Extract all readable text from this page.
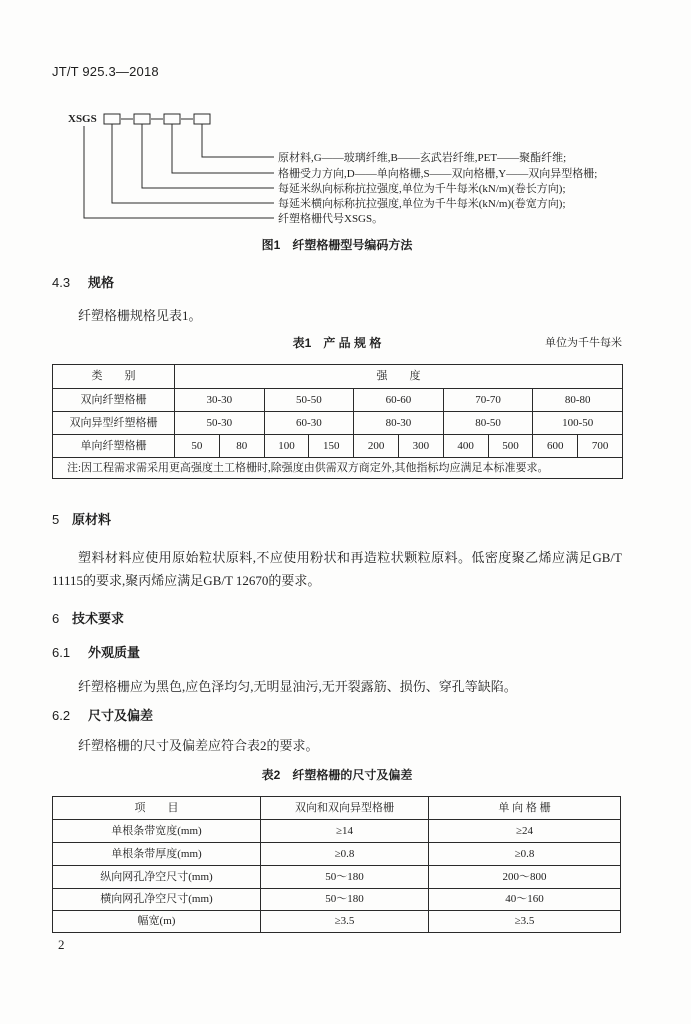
JT/T 925.3—2018
XSGS
原材料,G——玻璃纤维,B——玄武岩纤维,PET——聚酯纤维;
格栅受力方向,D——单向格栅,S——双向格栅,Y——双向异型格栅;
每延米纵向标称抗拉强度,单位为千牛每米(kN/m)(卷长方向);
每延米横向标称抗拉强度,单位为千牛每米(kN/m)(卷宽方向);
纤塑格栅代号XSGS。
图1　纤塑格栅型号编码方法
4.3 规格
纤塑格栅规格见表1。
表1　产 品 规 格	单位为千牛每米
类　　别	强　　度									
双向纤塑格栅	30-30		50-50		60-60		70-70		80-80	
双向异型纤塑格栅	50-30		60-30		80-30		80-50		100-50	
单向纤塑格栅	50	80	100	150	200	300	400	500	600	700
注:因工程需求需采用更高强度土工格栅时,除强度由供需双方商定外,其他指标均应满足本标准要求。										
5 原材料
塑料材料应使用原始粒状原料,不应使用粉状和再造粒状颗粒原料。低密度聚乙烯应满足GB/T 11115的要求,聚丙烯应满足GB/T 12670的要求。
6 技术要求
6.1 外观质量
纤塑格栅应为黑色,应色泽均匀,无明显油污,无开裂露筋、损伤、穿孔等缺陷。
6.2 尺寸及偏差
纤塑格栅的尺寸及偏差应符合表2的要求。
表2　纤塑格栅的尺寸及偏差
项　　目	双向和双向异型格栅	单 向 格 栅
单根条带宽度(mm)	≥14	≥24
单根条带厚度(mm)	≥0.8	≥0.8
纵向网孔净空尺寸(mm)	50～180	200～800
横向网孔净空尺寸(mm)	50～180	40～160
幅宽(m)	≥3.5	≥3.5
2
